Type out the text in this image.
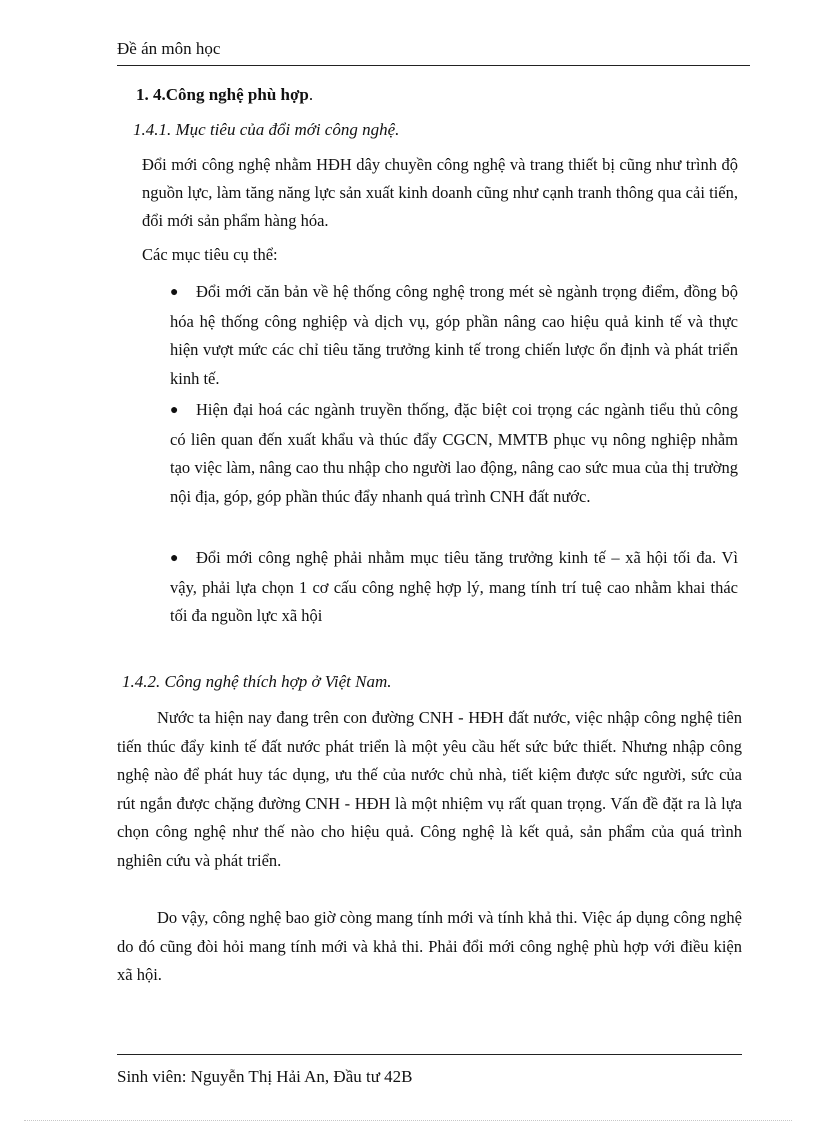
Đề án môn học
1. 4.Công nghệ phù hợp.
1.4.1. Mục tiêu của đổi mới công nghệ.

Đổi mới công nghệ nhằm HĐH dây chuyền công nghệ và trang thiết bị cũng như trình độ nguồn lực, làm tăng năng lực sản xuất kinh doanh cũng như cạnh tranh thông qua cải tiến, đổi mới sản phẩm hàng hóa.

Các mục tiêu cụ thể:

● Đổi mới căn bản về hệ thống công nghệ trong mét sè ngành trọng điểm, đồng bộ hóa hệ thống công nghiệp và dịch vụ, góp phần nâng cao hiệu quả kinh tế và thực hiện vượt mức các chỉ tiêu tăng trưởng kinh tế trong chiến lược ổn định và phát triển kinh tế.

● Hiện đại hoá các ngành truyền thống, đặc biệt coi trọng các ngành tiểu thủ công có liên quan đến xuất khẩu và thúc đẩy CGCN, MMTB phục vụ nông nghiệp nhằm tạo việc làm, nâng cao thu nhập cho người lao động, nâng cao sức mua của thị trường nội địa, góp, góp phần thúc đẩy nhanh quá trình CNH đất nước.

● Đổi mới công nghệ phải nhằm mục tiêu tăng trưởng kinh tế – xã hội tối đa. Vì vậy, phải lựa chọn 1 cơ cấu công nghệ hợp lý, mang tính trí tuệ cao nhằm khai thác tối đa nguồn lực xã hội

1.4.2. Công nghệ thích hợp ở Việt Nam.

Nước ta hiện nay đang trên con đường CNH - HĐH đất nước, việc nhập công nghệ tiên tiến thúc đẩy kinh tế đất nước phát triển là một yêu cầu hết sức bức thiết. Nhưng nhập công nghệ nào để phát huy tác dụng, ưu thế của nước chủ nhà, tiết kiệm được sức người, sức của rút ngắn được chặng đường CNH - HĐH là một nhiệm vụ rất quan trọng. Vấn đề đặt ra là lựa chọn công nghệ như thế nào cho hiệu quả. Công nghệ là kết quả, sản phẩm của quá trình nghiên cứu và phát triển.

Do vậy, công nghệ bao giờ còng mang tính mới và tính khả thi. Việc áp dụng công nghệ do đó cũng đòi hỏi mang tính mới và khả thi. Phải đổi mới công nghệ phù hợp với điều kiện xã hội.

Sinh viên: Nguyễn Thị Hải An, Đầu tư 42B
